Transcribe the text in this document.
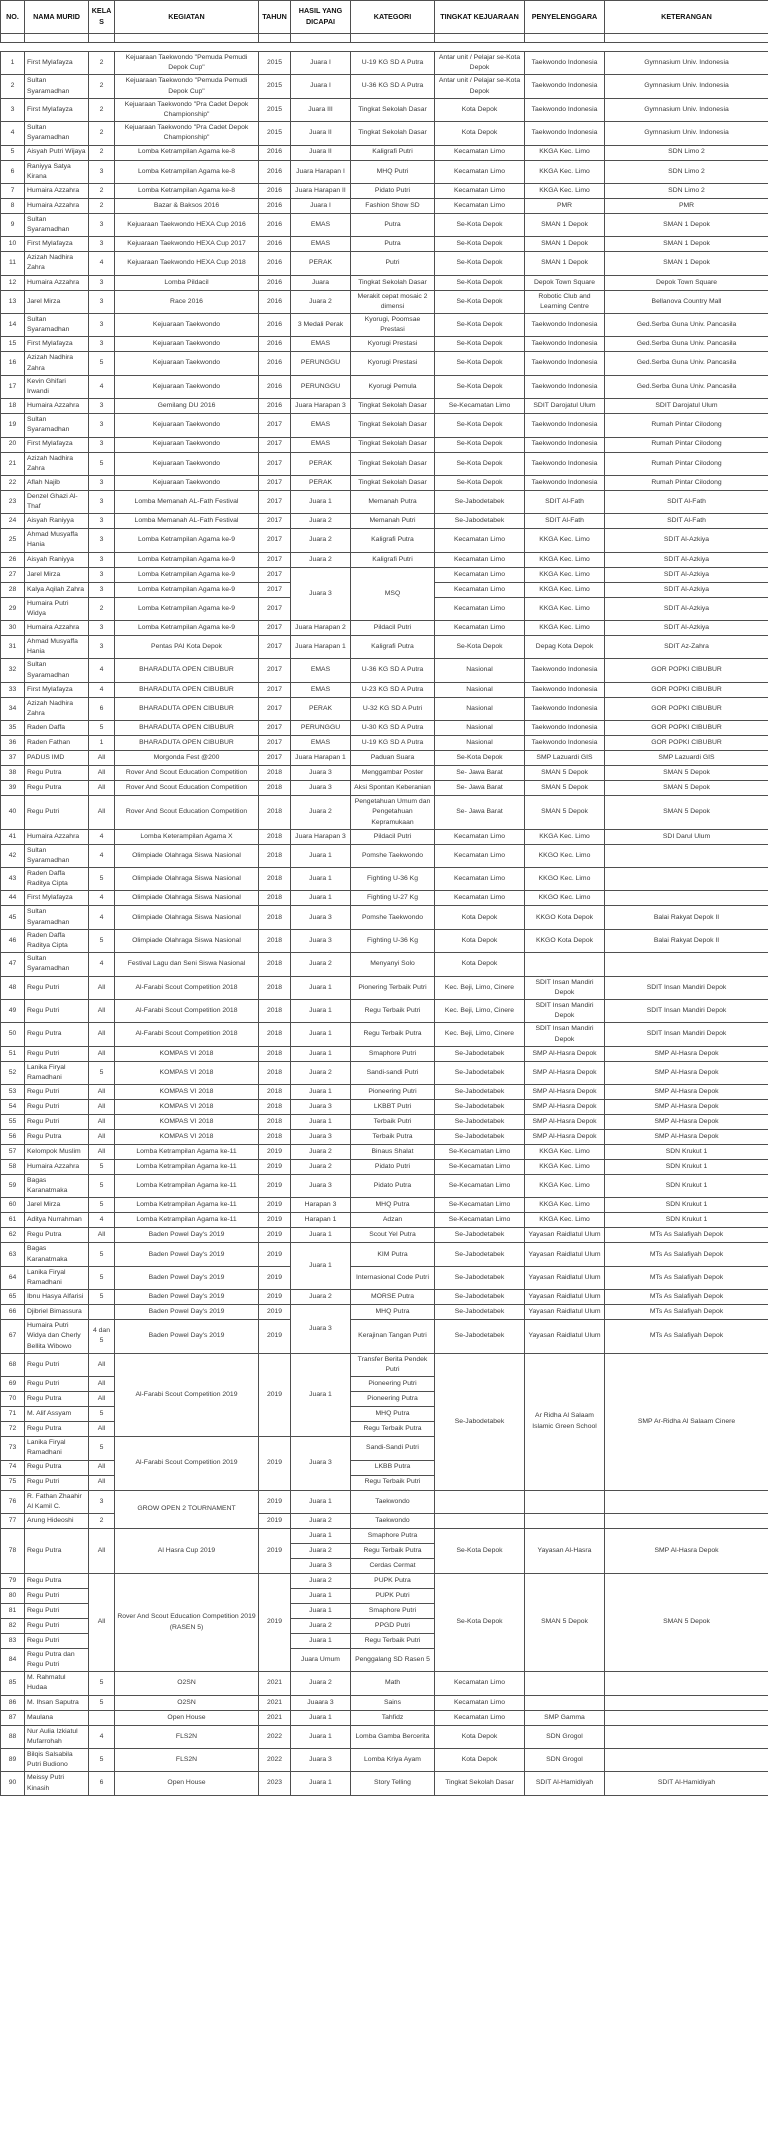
NO.	NAMA MURID	KELAS	KEGIATAN	TAHUN	HASIL YANG DICAPAI	KATEGORI	TINGKAT KEJUARAAN	PENYELENGGARA	KETERANGAN

1	First Mylafayza	2	Kejuaraan Taekwondo "Pemuda Pemudi Depok Cup"	2015	Juara I	U-19 KG SD A Putra	Antar unit / Pelajar se-Kota Depok	Taekwondo Indonesia	Gymnasium Univ. Indonesia
2	Sultan Syaramadhan	2	Kejuaraan Taekwondo "Pemuda Pemudi Depok Cup"	2015	Juara I	U-36 KG SD A Putra	Antar unit / Pelajar se-Kota Depok	Taekwondo Indonesia	Gymnasium Univ. Indonesia
3	First Mylafayza	2	Kejuaraan Taekwondo "Pra Cadet Depok Championship"	2015	Juara III	Tingkat Sekolah Dasar	Kota Depok	Taekwondo Indonesia	Gymnasium Univ. Indonesia
4	Sultan Syaramadhan	2	Kejuaraan Taekwondo "Pra Cadet Depok Championship"	2015	Juara II	Tingkat Sekolah Dasar	Kota Depok	Taekwondo Indonesia	Gymnasium Univ. Indonesia
5	Aisyah Putri Wijaya	2	Lomba Ketrampilan Agama ke-8	2016	Juara II	Kaligrafi Putri	Kecamatan Limo	KKGA Kec. Limo	SDN Limo 2
6	Raniyya Satya Kirana	3	Lomba Ketrampilan Agama ke-8	2016	Juara Harapan I	MHQ Putri	Kecamatan Limo	KKGA Kec. Limo	SDN Limo 2
7	Humaira Azzahra	2	Lomba Ketrampilan Agama ke-8	2016	Juara Harapan II	Pidato Putri	Kecamatan Limo	KKGA Kec. Limo	SDN Limo 2
8	Humaira Azzahra	2	Bazar & Baksos 2016	2016	Juara I	Fashion Show SD	Kecamatan Limo	PMR	PMR
9	Sultan Syaramadhan	3	Kejuaraan Taekwondo HEXA Cup 2016	2016	EMAS	Putra	Se-Kota Depok	SMAN 1 Depok	SMAN 1 Depok
10	First Mylafayza	3	Kejuaraan Taekwondo HEXA Cup 2017	2016	EMAS	Putra	Se-Kota Depok	SMAN 1 Depok	SMAN 1 Depok
11	Azizah Nadhira Zahra	4	Kejuaraan Taekwondo HEXA Cup 2018	2016	PERAK	Putri	Se-Kota Depok	SMAN 1 Depok	SMAN 1 Depok
12	Humaira Azzahra	3	Lomba Pildacil	2016	Juara	Tingkat Sekolah Dasar	Se-Kota Depok	Depok Town Square	Depok Town Square
13	Jarel Mirza	3	Race 2016	2016	Juara 2	Merakit cepat mosaic 2 dimensi	Se-Kota Depok	Robotic Club and Learning Centre	Bellanova Country Mall
14	Sultan Syaramadhan	3	Kejuaraan Taekwondo	2016	3 Medali Perak	Kyorugi, Poomsae Prestasi	Se-Kota Depok	Taekwondo Indonesia	Ged.Serba Guna Univ. Pancasila
15	First Mylafayza	3	Kejuaraan Taekwondo	2016	EMAS	Kyorugi Prestasi	Se-Kota Depok	Taekwondo Indonesia	Ged.Serba Guna Univ. Pancasila
16	Azizah Nadhira Zahra	5	Kejuaraan Taekwondo	2016	PERUNGGU	Kyorugi Prestasi	Se-Kota Depok	Taekwondo Indonesia	Ged.Serba Guna Univ. Pancasila
17	Kevin Ghifari Irwandi	4	Kejuaraan Taekwondo	2016	PERUNGGU	Kyorugi Pemula	Se-Kota Depok	Taekwondo Indonesia	Ged.Serba Guna Univ. Pancasila
18	Humaira Azzahra	3	Gemilang DU 2016	2016	Juara Harapan 3	Tingkat Sekolah Dasar	Se-Kecamatan Limo	SDIT Darojatul Ulum	SDIT Darojatul Ulum
19	Sultan Syaramadhan	3	Kejuaraan Taekwondo	2017	EMAS	Tingkat Sekolah Dasar	Se-Kota Depok	Taekwondo Indonesia	Rumah Pintar Cilodong
20	First Mylafayza	3	Kejuaraan Taekwondo	2017	EMAS	Tingkat Sekolah Dasar	Se-Kota Depok	Taekwondo Indonesia	Rumah Pintar Cilodong
21	Azizah Nadhira Zahra	5	Kejuaraan Taekwondo	2017	PERAK	Tingkat Sekolah Dasar	Se-Kota Depok	Taekwondo Indonesia	Rumah Pintar Cilodong
22	Aflah Najib	3	Kejuaraan Taekwondo	2017	PERAK	Tingkat Sekolah Dasar	Se-Kota Depok	Taekwondo Indonesia	Rumah Pintar Cilodong
23	Denzel Ghazi Al-Thaf	3	Lomba Memanah AL-Fath Festival	2017	Juara 1	Memanah Putra	Se-Jabodetabek	SDIT Al-Fath	SDIT Al-Fath
24	Aisyah Raniyya	3	Lomba Memanah AL-Fath Festival	2017	Juara 2	Memanah Putri	Se-Jabodetabek	SDIT Al-Fath	SDIT Al-Fath
25	Ahmad Musyaffa Hania	3	Lomba Ketrampilan Agama ke-9	2017	Juara 2	Kaligrafi Putra	Kecamatan Limo	KKGA Kec. Limo	SDIT Al-Azkiya
26	Aisyah Raniyya	3	Lomba Ketrampilan Agama ke-9	2017	Juara 2	Kaligrafi Putri	Kecamatan Limo	KKGA Kec. Limo	SDIT Al-Azkiya
27	Jarel Mirza	3	Lomba Ketrampilan Agama ke-9	2017	Juara 3	MSQ	Kecamatan Limo	KKGA Kec. Limo	SDIT Al-Azkiya
28	Kalya Aqilah Zahra	3	Lomba Ketrampilan Agama ke-9	2017			Kecamatan Limo	KKGA Kec. Limo	SDIT Al-Azkiya
29	Humaira Putri Widya	2	Lomba Ketrampilan Agama ke-9	2017			Kecamatan Limo	KKGA Kec. Limo	SDIT Al-Azkiya
30	Humaira Azzahra	3	Lomba Ketrampilan Agama ke-9	2017	Juara Harapan 2	Pildacil Putri	Kecamatan Limo	KKGA Kec. Limo	SDIT Al-Azkiya
31	Ahmad Musyaffa Hania	3	Pentas PAI Kota Depok	2017	Juara Harapan 1	Kaligrafi Putra	Se-Kota Depok	Depag Kota Depok	SDIT Az-Zahra
32	Sultan Syaramadhan	4	BHARADUTA OPEN CIBUBUR	2017	EMAS	U-36 KG SD A Putra	Nasional	Taekwondo Indonesia	GOR POPKI CIBUBUR
33	First Mylafayza	4	BHARADUTA OPEN CIBUBUR	2017	EMAS	U-23 KG SD A Putra	Nasional	Taekwondo Indonesia	GOR POPKI CIBUBUR
34	Azizah Nadhira Zahra	6	BHARADUTA OPEN CIBUBUR	2017	PERAK	U-32 KG SD A Putri	Nasional	Taekwondo Indonesia	GOR POPKI CIBUBUR
35	Raden Daffa	5	BHARADUTA OPEN CIBUBUR	2017	PERUNGGU	U-30 KG SD A Putra	Nasional	Taekwondo Indonesia	GOR POPKI CIBUBUR
36	Raden Fathan	1	BHARADUTA OPEN CIBUBUR	2017	EMAS	U-19 KG SD A Putra	Nasional	Taekwondo Indonesia	GOR POPKI CIBUBUR
37	PADUS IMD	All	Morgonda Fest @200	2017	Juara Harapan 1	Paduan Suara	Se-Kota Depok	SMP Lazuardi GIS	SMP Lazuardi GIS
38	Regu Putra	All	Rover And Scout Education Competition	2018	Juara 3	Menggambar Poster	Se- Jawa Barat	SMAN 5 Depok	SMAN 5 Depok
39	Regu Putra	All	Rover And Scout Education Competition	2018	Juara 3	Aksi Spontan Keberanian	Se- Jawa Barat	SMAN 5 Depok	SMAN 5 Depok
40	Regu Putri	All	Rover And Scout Education Competition	2018	Juara 2	Pengetahuan Umum dan Pengetahuan Kepramukaan	Se- Jawa Barat	SMAN 5 Depok	SMAN 5 Depok
41	Humaira Azzahra	4	Lomba Keterampilan Agama X	2018	Juara Harapan 3	Pildacil Putri	Kecamatan Limo	KKGA Kec. Limo	SDI Darul Ulum
42	Sultan Syaramadhan	4	Olimpiade Olahraga Siswa Nasional	2018	Juara 1	Pomshe Taekwondo	Kecamatan Limo	KKGO Kec. Limo	
43	Raden Daffa Raditya Cipta	5	Olimpiade Olahraga Siswa Nasional	2018	Juara 1	Fighting U-36 Kg	Kecamatan Limo	KKGO Kec. Limo	
44	First Mylafayza	4	Olimpiade Olahraga Siswa Nasional	2018	Juara 1	Fighting U-27 Kg	Kecamatan Limo	KKGO Kec. Limo	
45	Sultan Syaramadhan	4	Olimpiade Olahraga Siswa Nasional	2018	Juara 3	Pomshe Taekwondo	Kota Depok	KKGO Kota Depok	Balai Rakyat Depok II
46	Raden Daffa Raditya Cipta	5	Olimpiade Olahraga Siswa Nasional	2018	Juara 3	Fighting U-36 Kg	Kota Depok	KKGO Kota Depok	Balai Rakyat Depok II
47	Sultan Syaramadhan	4	Festival Lagu dan Seni Siswa Nasional	2018	Juara 2	Menyanyi Solo	Kota Depok		
48	Regu Putri	All	Al-Farabi Scout Competition 2018	2018	Juara 1	Pionering Terbaik Putri	Kec. Beji, Limo, Cinere	SDIT Insan Mandiri Depok	SDIT Insan Mandiri Depok
49	Regu Putri	All	Al-Farabi Scout Competition 2018	2018	Juara 1	Regu Terbaik Putri	Kec. Beji, Limo, Cinere	SDIT Insan Mandiri Depok	SDIT Insan Mandiri Depok
50	Regu Putra	All	Al-Farabi Scout Competition 2018	2018	Juara 1	Regu Terbaik Putra	Kec. Beji, Limo, Cinere	SDIT Insan Mandiri Depok	SDIT Insan Mandiri Depok
51	Regu Putri	All	KOMPAS VI 2018	2018	Juara 1	Smaphore Putri	Se-Jabodetabek	SMP Al-Hasra Depok	SMP Al-Hasra Depok
52	Lanika Firyal Ramadhani	5	KOMPAS VI 2018	2018	Juara 2	Sandi-sandi Putri	Se-Jabodetabek	SMP Al-Hasra Depok	SMP Al-Hasra Depok
53	Regu Putri	All	KOMPAS VI 2018	2018	Juara 1	Pioneering Putri	Se-Jabodetabek	SMP Al-Hasra Depok	SMP Al-Hasra Depok
54	Regu Putri	All	KOMPAS VI 2018	2018	Juara 3	LKBBT Putri	Se-Jabodetabek	SMP Al-Hasra Depok	SMP Al-Hasra Depok
55	Regu Putri	All	KOMPAS VI 2018	2018	Juara 1	Terbaik Putri	Se-Jabodetabek	SMP Al-Hasra Depok	SMP Al-Hasra Depok
56	Regu Putra	All	KOMPAS VI 2018	2018	Juara 3	Terbaik Putra	Se-Jabodetabek	SMP Al-Hasra Depok	SMP Al-Hasra Depok
57	Kelompok Muslim	All	Lomba Ketrampilan Agama ke-11	2019	Juara 2	Binaus Shalat	Se-Kecamatan Limo	KKGA Kec. Limo	SDN Krukut 1
58	Humaira Azzahra	5	Lomba Ketrampilan Agama ke-11	2019	Juara 2	Pidato Putri	Se-Kecamatan Limo	KKGA Kec. Limo	SDN Krukut 1
59	Bagas Karanatmaka	5	Lomba Ketrampilan Agama ke-11	2019	Juara 3	Pidato Putra	Se-Kecamatan Limo	KKGA Kec. Limo	SDN Krukut 1
60	Jarel Mirza	5	Lomba Ketrampilan Agama ke-11	2019	Harapan 3	MHQ Putra	Se-Kecamatan Limo	KKGA Kec. Limo	SDN Krukut 1
61	Aditya Nurrahman	4	Lomba Ketrampilan Agama ke-11	2019	Harapan 1	Adzan	Se-Kecamatan Limo	KKGA Kec. Limo	SDN Krukut 1
62	Regu Putra	All	Baden Powel Day's 2019	2019	Juara 1	Scout Yel Putra	Se-Jabodetabek	Yayasan Raidlatul Ulum	MTs As Salafiyah Depok
63	Bagas Karanatmaka	5	Baden Powel Day's 2019	2019	Juara 1	KIM Putra	Se-Jabodetabek	Yayasan Raidlatul Ulum	MTs As Salafiyah Depok
64	Lanika Firyal Ramadhani	5	Baden Powel Day's 2019	2019		Internasional Code Putri	Se-Jabodetabek	Yayasan Raidlatul Ulum	MTs As Salafiyah Depok
65	Ibnu Hasya Alfarisi	5	Baden Powel Day's 2019	2019	Juara 2	MORSE Putra	Se-Jabodetabek	Yayasan Raidlatul Ulum	MTs As Salafiyah Depok
66	Djibriel Bimassura		Baden Powel Day's 2019	2019	Juara 3	MHQ Putra	Se-Jabodetabek	Yayasan Raidlatul Ulum	MTs As Salafiyah Depok
67	Humaira Putri Widya dan Cherly Bellita Wibowo	4 dan 5	Baden Powel Day's 2019	2019		Kerajinan Tangan Putri	Se-Jabodetabek	Yayasan Raidlatul Ulum	MTs As Salafiyah Depok
68	Regu Putri	All	Al-Farabi Scout Competition 2019	2019	Juara 1	Transfer Berita Pendek Putri	Se-Jabodetabek	Ar Ridha Al Salaam Islamic Green School	SMP Ar-Ridha Al Salaam Cinere
69	Regu Putri	All				Pioneering Putri			
70	Regu Putra	All				Pioneering Putra			
71	M. Alif Assyam	5				MHQ Putra			
72	Regu Putra	All				Regu Terbaik Putra			
73	Lanika Firyal Ramadhani	5	Al-Farabi Scout Competition 2019	2019	Juara 3	Sandi-Sandi Putri			
74	Regu Putra	All				LKBB Putra			
75	Regu Putri	All				Regu Terbaik Putri			
76	R. Fathan Zhaahir Al Kamil C.	3	GROW OPEN 2 TOURNAMENT	2019	Juara 1	Taekwondo			
77	Arung Hideoshi	2		2019	Juara 2	Taekwondo			
78	Regu Putra	All	Al Hasra Cup 2019	2019	Juara 1	Smaphore Putra	Se-Kota Depok	Yayasan Al-Hasra	SMP Al-Hasra Depok
					Juara 2	Regu Terbaik Putra			
					Juara 3	Cerdas Cermat			
79	Regu Putra	All	Rover And Scout Education Competition 2019 (RASEN 5)	2019	Juara 2	PUPK Putra	Se-Kota Depok	SMAN 5 Depok	SMAN 5 Depok
80	Regu Putri				Juara 1	PUPK Putri			
81	Regu Putri				Juara 1	Smaphore Putri			
82	Regu Putri				Juara 2	PPGD Putri			
83	Regu Putri				Juara 1	Regu Terbaik Putri			
84	Regu Putra dan Regu Putri				Juara Umum	Penggalang SD Rasen 5			
85	M. Rahmatul Hudaa	5	O2SN	2021	Juara 2	Math	Kecamatan Limo		
86	M. Ihsan Saputra	5	O2SN	2021	Juaara 3	Sains	Kecamatan Limo		
87	Maulana		Open House	2021	Juara 1	Tahfidz	Kecamatan Limo	SMP Gamma	
88	Nur Aulia Izkiatul Mufarrohah	4	FLS2N	2022	Juara 1	Lomba Gamba Bercerita	Kota Depok	SDN Grogol	
89	Bilqis Salsabila Putri Budiono	5	FLS2N	2022	Juara 3	Lomba Kriya Ayam	Kota Depok	SDN Grogol	
90	Meissy Putri Kinasih	6	Open House	2023	Juara 1	Story Telling	Tingkat Sekolah Dasar	SDIT Al-Hamidiyah	SDIT Al-Hamidiyah
